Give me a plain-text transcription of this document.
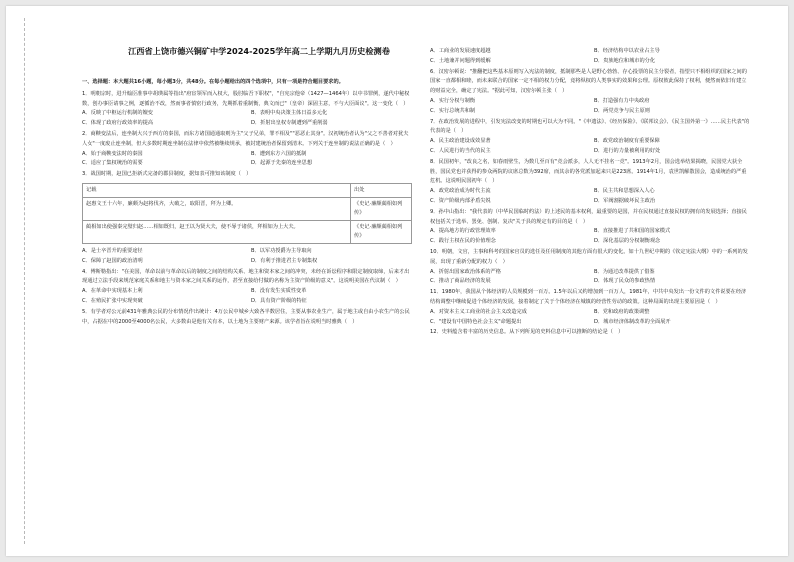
江西省上饶市德兴铜矿中学2024-2025学年高二上学期九月历史检测卷
一、选择题：本大题共16小题，每小题3分，共48分。在每小题给出的四个选项中，只有一项是符合题目要求的。
1．明朝宗时，进升翰臣准事中胡瑛属等指出"府宦领军而入权大，股肘临吾下职权"，"自宪宗他帝（1427—1464年）以中书罪例，遂代中秘权数，创办事臣请事之例，逐循治不改，然而事者慎密行政务，先期抓着重制衡，典文而已"（皇帝）深固主意，不与大臣面议"。这一变化（　）
A．反映了中枢运行机制的嬗变	B．表明中央决策主体日益多元化
C．体现了政府行政效率的提高	D．折射出皇权专制遭到严重削弱
2．商鞅变法后，连坐制大兴于西方的秦国，而东方诸国通通取则为主"父子兄弟，罪不相及""恶恶止其身"。汉初统治者认为"父之不善者对犹夫人女"一度废止连坐制，但大多数时期连坐制在法律中依然被继续规承，被封建统治者保留到清末。下列关于连坐制的说法正确的是（　）
A．始于商鞅变法时的秦国	B．遭到东方六国的抵制
C．适应了集权统治的需要	D．起源于先秦的连坐思想
3．战国时期，赵国已拒新式完备的郡县制度，据知表可推知该制度（　）
记载	出处
赵惠文王十六年，廉颇为赵将伐齐，大破之，取阳晋，拜为上卿。	《史记·廉颇蔺相如列传》
蔺相如出使强秦完璧归赵……相如既归，赵王以为贤大夫，使不辱于诸侯，拜相如为上大夫。	《史记·廉颇蔺相如列传》
A．是士卒晋升的重要途径	B．以军功授爵为主导取向
C．保障了赵国的政治清明	D．有利于推进君主专制集权
4．傅斯勒指出："在美国，革命以前与革命以后的制度之间的结构关系、地主和资本家之间的冲突，未经在诉讼程序和限定制度取缔，后来才出现通过立法手段来规范家庭关系和地主与资本家之间关系的运作，甚至直接给付做的名称为主资产阶级的意义"。这说明美国在代议制（　）
A．在革命中实现基本上利	B．没有发生实质性变革
C．在殖民扩张中实现突破	D．具有资产阶级的特征
5．有学者对公元前431年雅典公民的分布情况作出统计：4万公民中城乡大致各半数居住，主要从事农业生产，属于地主或自由小农生产的公民中，占据在中的2000至4000名公民，大多数由是他有关有本，以土地为主要财产来源。该学者旨在说明当时雅典（　）
A．工商业的发展速度超越	B．经济结构中以农业占主导
C．土地兼并问题得到缓解	D．贵族地位和城市的分化
6．汉密尔顿说："推翻把这些基本原则写入宪法的制度，抵制那些是人是野心勃勃、存心投票的民主分裂者，指望只不相组织的国家之间的国家一直都相和睦，而未来联合的国家一定不相的权力分配，竟将纵权的人类事实的效果和公理。原权彼此保持了权利，便然而依旧有建立的财益完全，确定了宪法。"据此可知，汉密尔顿主张（　）
A．实行分权与制衡	B．打造强有力中央政府
C．实行总统共和制	D．两党竞争与民主原则
7．在政治发展的进程中，引发宪法改变的时期也可以大为不同。"《申遗法》、《经历保险》、《联邦议会》、《民主国外第一》……民主代表"的代表的是（　）
A．民主政治建设成效显著	B．政党政治制度有重要保障
C．人民进行的当代的民主	D．进行的力量被利用的好处
8．民国初年，"改良之名，如春雨壁生，为数几至百有"竞会派多，人人无不挂名一竞"。1913年2月，国会选举结果揭晓，民国党大获全胜，国民党也并获得的参众两院的议席总数为392席，而其余的各党派加起来只是223席。1914年1月，袁世凯解散国会，造成统治的严重危机。这说明民国初年（　）
A．政党政治成为时代主流	B．民主共和思想深入人心
C．资产阶级内部矛盾尖锐	D．军阀割据破坏民主政治
9．孙中山指出："我代表的（中华民国临时约法）的上述民的基本权利，最重要的是国，并在民权通过直接民权的拥有的发展选择；直接民权包括关于选举、罢免、创制、复决"关于县的规定有的目的是（　）
A．提高地方的行政管理效率	B．直接推进了共和国的国家模式
C．践行主权在民的价值理念	D．深化基层的分权制衡观念
10．明朝，文官，主事和科考的国家官员的选任及任用制度的其他方面有很大的变化。如十九世纪中期的《钦定宪法大纲》中的一系列的发展，出现了重新分配的权力（　）
A．折射出国家政治体系的严格	B．为通过改革提供了借鉴
C．推动了商品经济的发展	D．体现了民众的参政热情
11．1980年，我国从个体经济的人员规模到一百万。1.5年以后又约增加到一百万人，1981年，中共中央发出一份文件的文件说要在经济结构调整中继续促进个体经济的发展，接着制定了关于个体经济在城镇的经营性劳动的政策。这种局面的出现主要原因是（　）
A．对资本主义工商业的社会主义改造完成	B．党和政府的政策调整
C．"建设有中国特色社会主义"命题提出	D．城市经济体制改革的全面展开
12．史料蕴含着丰富的历史信息。从下列所见的史料信息中可以推断的结论是（　）
